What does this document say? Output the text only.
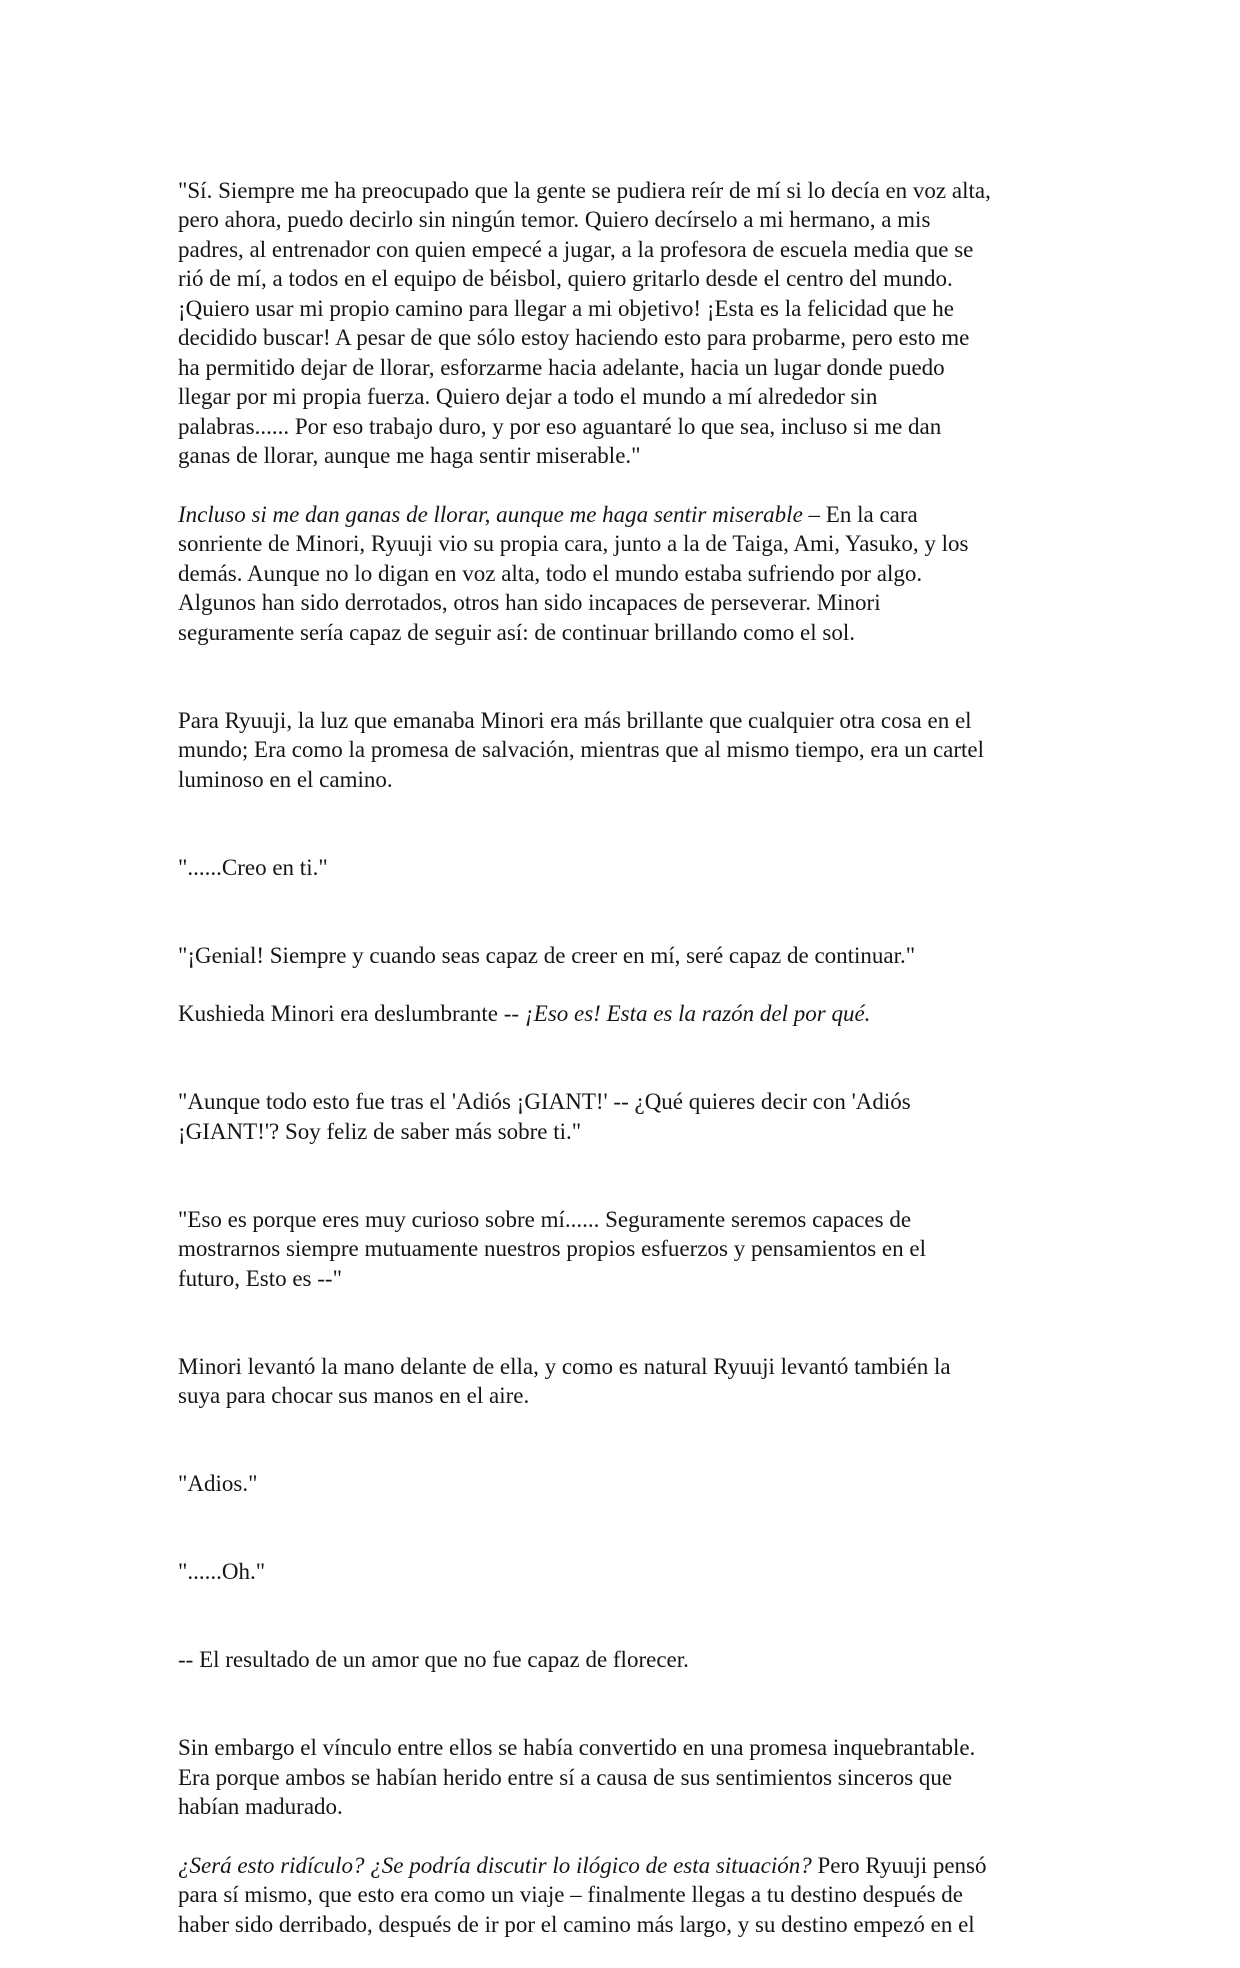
"Sí. Siempre me ha preocupado que la gente se pudiera reír de mí si lo decía en voz alta,
pero ahora, puedo decirlo sin ningún temor. Quiero decírselo a mi hermano, a mis
padres, al entrenador con quien empecé a jugar, a la profesora de escuela media que se
rió de mí, a todos en el equipo de béisbol, quiero gritarlo desde el centro del mundo.
¡Quiero usar mi propio camino para llegar a mi objetivo! ¡Esta es la felicidad que he
decidido buscar! A pesar de que sólo estoy haciendo esto para probarme, pero esto me
ha permitido dejar de llorar, esforzarme hacia adelante, hacia un lugar donde puedo
llegar por mi propia fuerza. Quiero dejar a todo el mundo a mí alrededor sin
palabras...... Por eso trabajo duro, y por eso aguantaré lo que sea, incluso si me dan
ganas de llorar, aunque me haga sentir miserable."

Incluso si me dan ganas de llorar, aunque me haga sentir miserable – En la cara
sonriente de Minori, Ryuuji vio su propia cara, junto a la de Taiga, Ami, Yasuko, y los
demás. Aunque no lo digan en voz alta, todo el mundo estaba sufriendo por algo.
Algunos han sido derrotados, otros han sido incapaces de perseverar. Minori
seguramente sería capaz de seguir así: de continuar brillando como el sol.

Para Ryuuji, la luz que emanaba Minori era más brillante que cualquier otra cosa en el
mundo; Era como la promesa de salvación, mientras que al mismo tiempo, era un cartel
luminoso en el camino.

"......Creo en ti."

"¡Genial! Siempre y cuando seas capaz de creer en mí, seré capaz de continuar."

Kushieda Minori era deslumbrante -- ¡Eso es! Esta es la razón del por qué.

"Aunque todo esto fue tras el 'Adiós ¡GIANT!' -- ¿Qué quieres decir con 'Adiós
¡GIANT!'? Soy feliz de saber más sobre ti."

"Eso es porque eres muy curioso sobre mí...... Seguramente seremos capaces de
mostrarnos siempre mutuamente nuestros propios esfuerzos y pensamientos en el
futuro, Esto es --"

Minori levantó la mano delante de ella, y como es natural Ryuuji levantó también la
suya para chocar sus manos en el aire.

"Adios."

"......Oh."

-- El resultado de un amor que no fue capaz de florecer.

Sin embargo el vínculo entre ellos se había convertido en una promesa inquebrantable.
Era porque ambos se habían herido entre sí a causa de sus sentimientos sinceros que
habían madurado.

¿Será esto ridículo? ¿Se podría discutir lo ilógico de esta situación? Pero Ryuuji pensó
para sí mismo, que esto era como un viaje – finalmente llegas a tu destino después de
haber sido derribado, después de ir por el camino más largo, y su destino empezó en el
